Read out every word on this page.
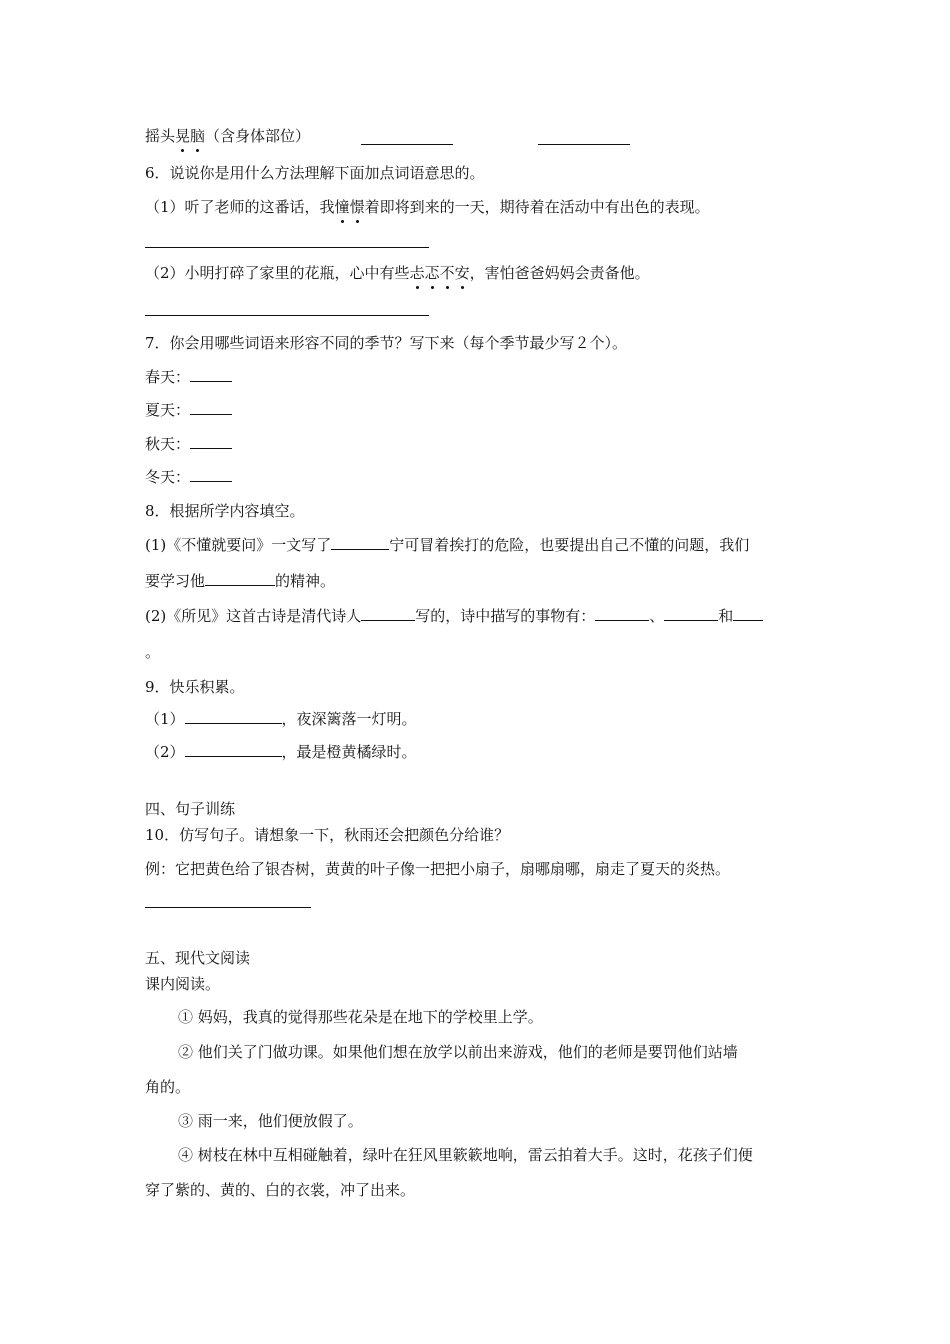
摇头晃脑（含身体部位）
6．说说你是用什么方法理解下面加点词语意思的。
（1）听了老师的这番话，我憧憬着即将到来的一天，期待着在活动中有出色的表现。
（2）小明打碎了家里的花瓶，心中有些忐忑不安，害怕爸爸妈妈会责备他。
7．你会用哪些词语来形容不同的季节？写下来（每个季节最少写２个）。
春天：
夏天：
秋天：
冬天：
8．根据所学内容填空。
(1)《不懂就要问》一文写了	宁可冒着挨打的危险，也要提出自己不懂的问题，我们
要学习他	的精神。
(2)《所见》这首古诗是清代诗人	写的，诗中描写的事物有：	、	和
。
9．快乐积累。
（1）	，夜深篱落一灯明。
（2）	，最是橙黄橘绿时。
四、句子训练
10．仿写句子。请想象一下，秋雨还会把颜色分给谁？
例：它把黄色给了银杏树，黄黄的叶子像一把把小扇子，扇哪扇哪，扇走了夏天的炎热。
五、现代文阅读
课内阅读。
① 妈妈，我真的觉得那些花朵是在地下的学校里上学。
② 他们关了门做功课。如果他们想在放学以前出来游戏，他们的老师是要罚他们站墙
角的。
③ 雨一来，他们便放假了。
④ 树枝在林中互相碰触着，绿叶在狂风里簌簌地响，雷云拍着大手。这时，花孩子们便
穿了紫的、黄的、白的衣裳，冲了出来。
